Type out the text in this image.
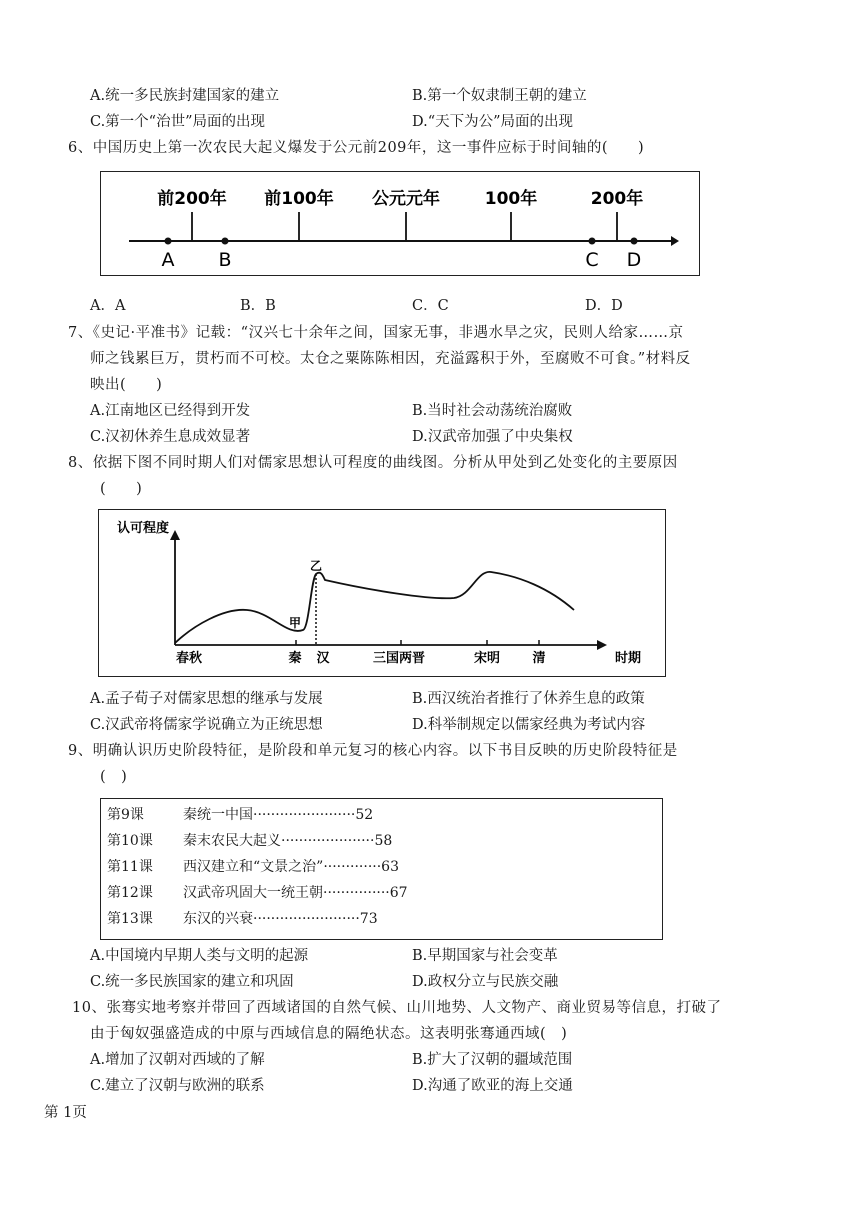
A.统一多民族封建国家的建立	B.第一个奴隶制王朝的建立
C.第一个“治世”局面的出现	D.“天下为公”局面的出现
6、中国历史上第一次农民大起义爆发于公元前209年，这一事件应标于时间轴的(　　)
前200年 前100年 公元元年	100年	200年
A B	C D
A．A	B．B	C．C	D．D
7、《史记·平准书》记载：“汉兴七十余年之间，国家无事，非遇水旱之灾，民则人给家……京
师之钱累巨万，贯朽而不可校。太仓之粟陈陈相因，充溢露积于外，至腐败不可食。”材料反
映出(　　)
A.江南地区已经得到开发	B.当时社会动荡统治腐败
C.汉初休养生息成效显著	D.汉武帝加强了中央集权
8、依据下图不同时期人们对儒家思想认可程度的曲线图。分析从甲处到乙处变化的主要原因
(　　)
认可程度
时期
春秋	秦 汉	三国两晋	宋明 清
甲
乙
A.孟子荀子对儒家思想的继承与发展	B.西汉统治者推行了休养生息的政策
C.汉武帝将儒家学说确立为正统思想	D.科举制规定以儒家经典为考试内容
9、明确认识历史阶段特征，是阶段和单元复习的核心内容。以下书目反映的历史阶段特征是
(　)
第9课	秦统一中国·······················52
第10课 秦末农民大起义·····················58
第11课 西汉建立和“文景之治”·············63
第12课 汉武帝巩固大一统王朝···············67
第13课 东汉的兴衰························73
A.中国境内早期人类与文明的起源	B.早期国家与社会变革
C.统一多民族国家的建立和巩固	D.政权分立与民族交融
10、张骞实地考察并带回了西域诸国的自然气候、山川地势、人文物产、商业贸易等信息，打破了
由于匈奴强盛造成的中原与西域信息的隔绝状态。这表明张骞通西域(　)
A.增加了汉朝对西域的了解	B.扩大了汉朝的疆域范围
C.建立了汉朝与欧洲的联系	D.沟通了欧亚的海上交通
第 1页
